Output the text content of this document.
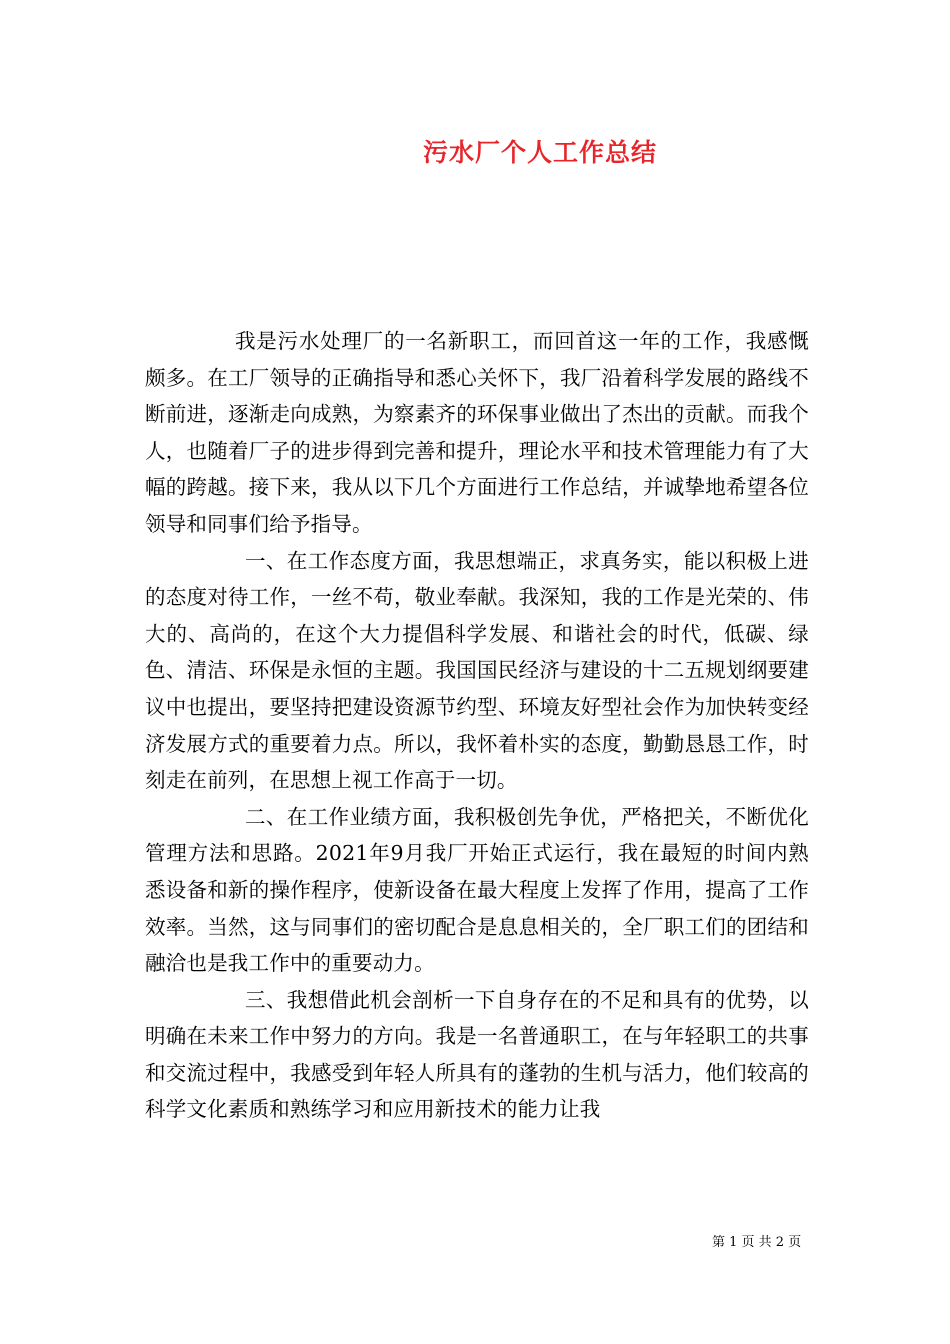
污水厂个人工作总结

我是污水处理厂的一名新职工，而回首这一年的工作，我感慨颇多。在工厂领导的正确指导和悉心关怀下，我厂沿着科学发展的路线不断前进，逐渐走向成熟，为察素齐的环保事业做出了杰出的贡献。而我个人，也随着厂子的进步得到完善和提升，理论水平和技术管理能力有了大幅的跨越。接下来，我从以下几个方面进行工作总结，并诚挚地希望各位领导和同事们给予指导。

一、在工作态度方面，我思想端正，求真务实，能以积极上进的态度对待工作，一丝不苟，敬业奉献。我深知，我的工作是光荣的、伟大的、高尚的，在这个大力提倡科学发展、和谐社会的时代，低碳、绿色、清洁、环保是永恒的主题。我国国民经济与建设的十二五规划纲要建议中也提出，要坚持把建设资源节约型、环境友好型社会作为加快转变经济发展方式的重要着力点。所以，我怀着朴实的态度，勤勤恳恳工作，时刻走在前列，在思想上视工作高于一切。

二、在工作业绩方面，我积极创先争优，严格把关，不断优化管理方法和思路。2021年9月我厂开始正式运行，我在最短的时间内熟悉设备和新的操作程序，使新设备在最大程度上发挥了作用，提高了工作效率。当然，这与同事们的密切配合是息息相关的，全厂职工们的团结和融洽也是我工作中的重要动力。

三、我想借此机会剖析一下自身存在的不足和具有的优势，以明确在未来工作中努力的方向。我是一名普通职工，在与年轻职工的共事和交流过程中，我感受到年轻人所具有的蓬勃的生机与活力，他们较高的科学文化素质和熟练学习和应用新技术的能力让我

第 1 页 共 2 页
